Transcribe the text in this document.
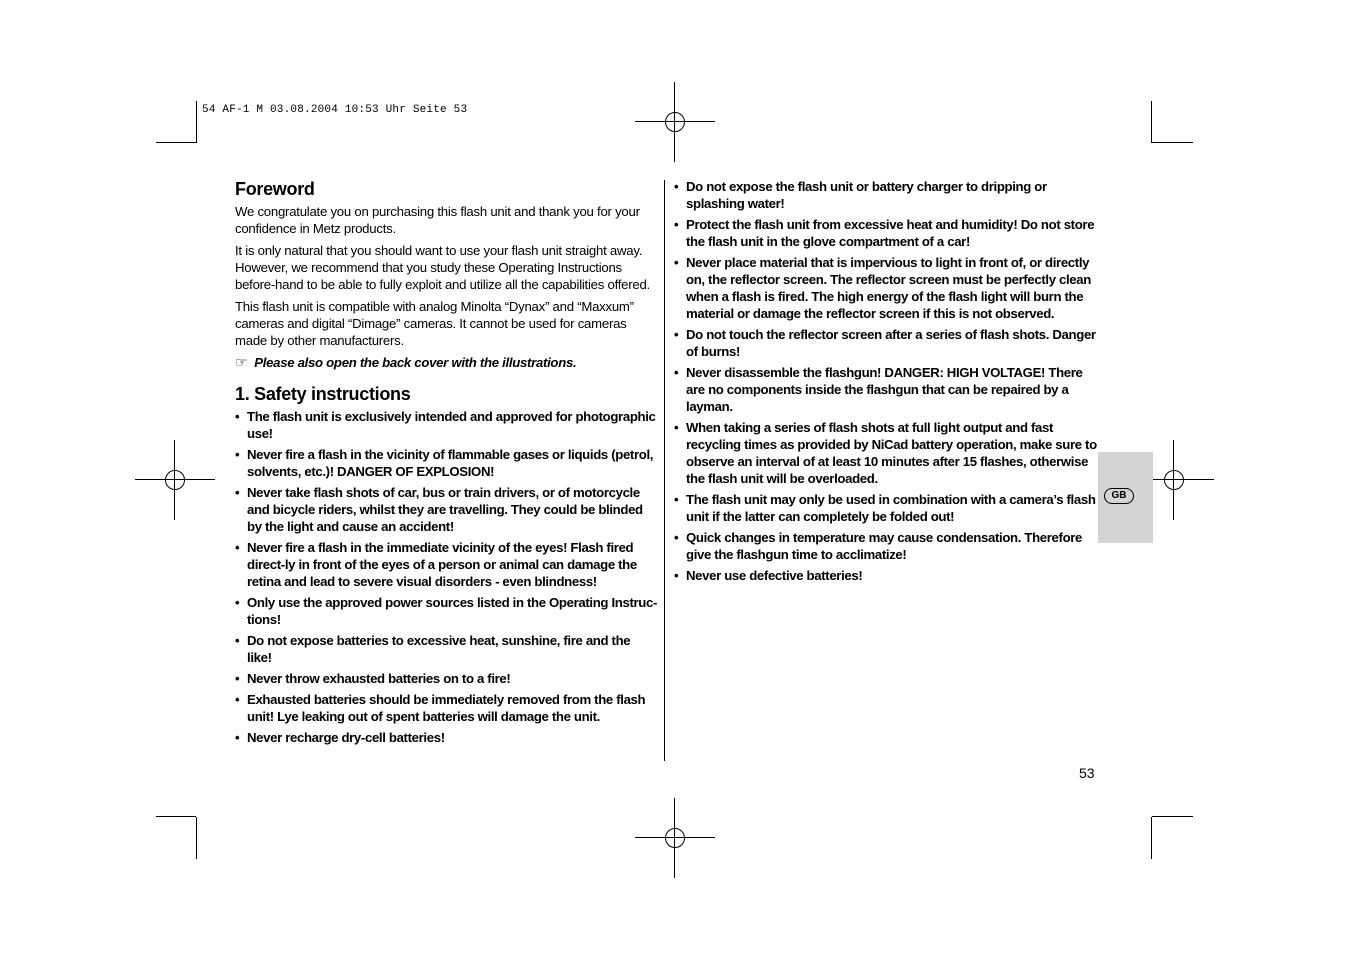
54 AF-1 M 03.08.2004 10:53 Uhr Seite 53
Foreword

We congratulate you on purchasing this flash unit and thank you for your confidence in Metz products.

It is only natural that you should want to use your flash unit straight away. However, we recommend that you study these Operating Instructions before-hand to be able to fully exploit and utilize all the capabilities offered.

This flash unit is compatible with analog Minolta “Dynax” and “Maxxum” cameras and digital “Dimage” cameras. It cannot be used for cameras made by other manufacturers.

☞ Please also open the back cover with the illustrations.
1. Safety instructions
• The flash unit is exclusively intended and approved for photographic use!
• Never fire a flash in the vicinity of flammable gases or liquids (petrol, solvents, etc.)! DANGER OF EXPLOSION!
• Never take flash shots of car, bus or train drivers, or of motorcycle and bicycle riders, whilst they are travelling. They could be blinded by the light and cause an accident!
• Never fire a flash in the immediate vicinity of the eyes! Flash fired direct-ly in front of the eyes of a person or animal can damage the retina and lead to severe visual disorders - even blindness!
• Only use the approved power sources listed in the Operating Instruc-tions!
• Do not expose batteries to excessive heat, sunshine, fire and the like!
• Never throw exhausted batteries on to a fire!
• Exhausted batteries should be immediately removed from the flash unit! Lye leaking out of spent batteries will damage the unit.
• Never recharge dry-cell batteries!
• Do not expose the flash unit or battery charger to dripping or splashing water!
• Protect the flash unit from excessive heat and humidity! Do not store the flash unit in the glove compartment of a car!
• Never place material that is impervious to light in front of, or directly on, the reflector screen. The reflector screen must be perfectly clean when a flash is fired. The high energy of the flash light will burn the material or damage the reflector screen if this is not observed.
• Do not touch the reflector screen after a series of flash shots. Danger of burns!
• Never disassemble the flashgun! DANGER: HIGH VOLTAGE! There are no components inside the flashgun that can be repaired by a layman.
• When taking a series of flash shots at full light output and fast recycling times as provided by NiCad battery operation, make sure to observe an interval of at least 10 minutes after 15 flashes, otherwise the flash unit will be overloaded.
• The flash unit may only be used in combination with a camera’s flash unit if the latter can completely be folded out!
• Quick changes in temperature may cause condensation. Therefore give the flashgun time to acclimatize!
• Never use defective batteries!
GB
53
